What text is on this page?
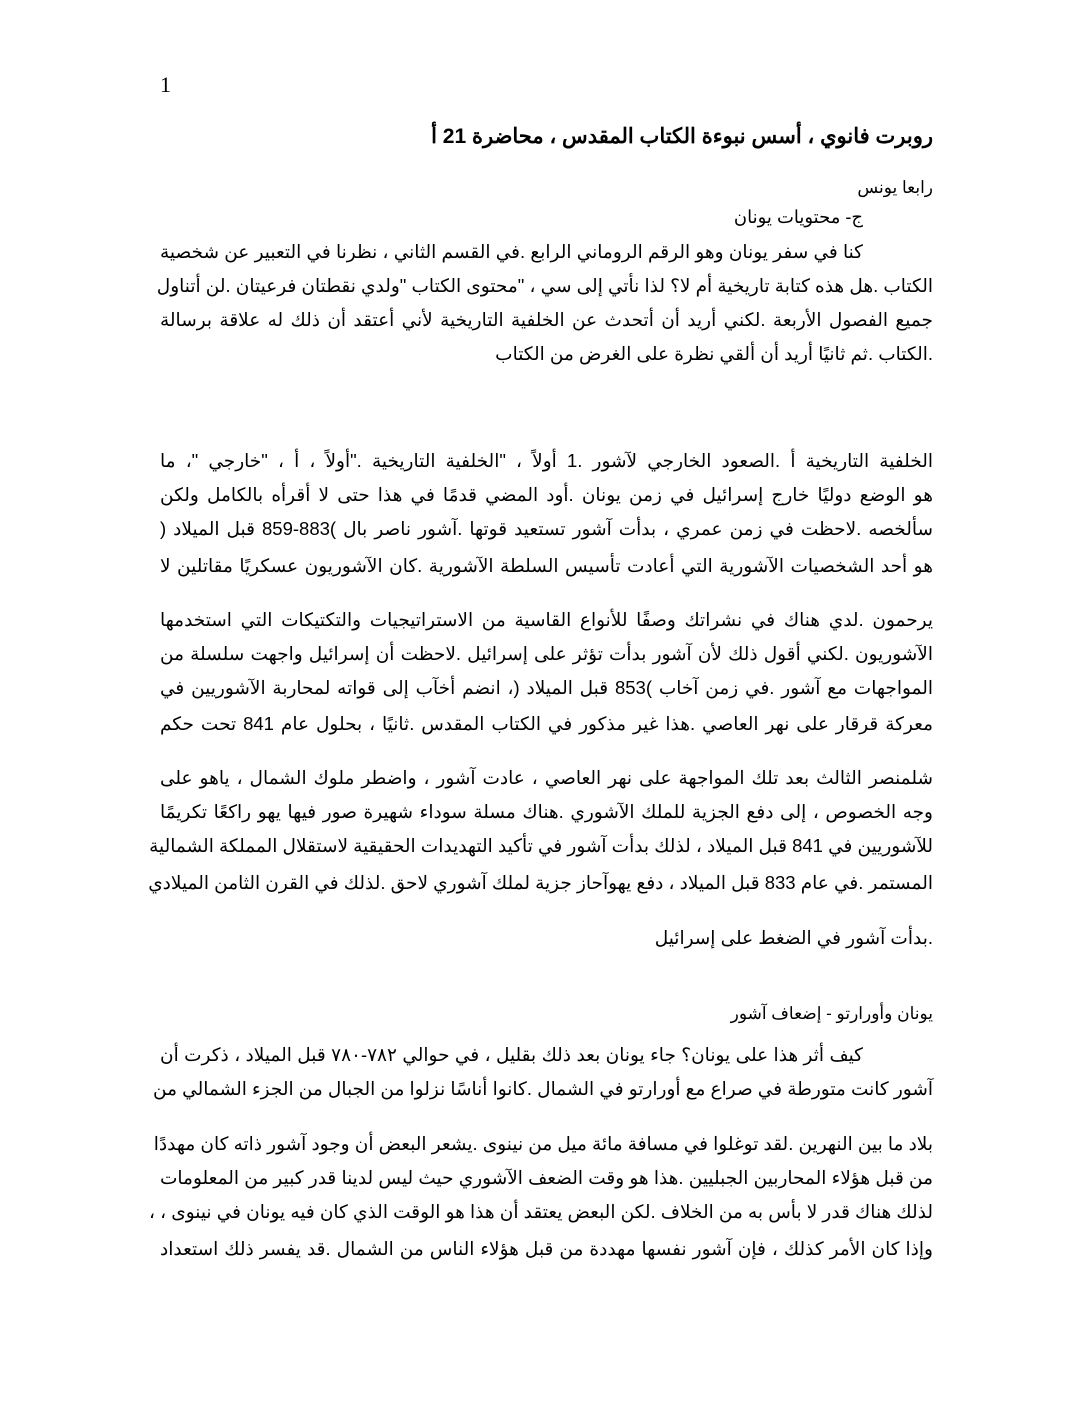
1
روبرت فانوي ، أسس نبوءة الكتاب المقدس ، محاضرة 21 أ
رابعا يونس
ج- محتويات يونان
كنا في سفر يونان وهو الرقم الروماني الرابع .في القسم الثاني ، نظرنا في التعبير عن شخصية
الكتاب .هل هذه كتابة تاريخية أم لا؟ لذا نأتي إلى سي ، "محتوى الكتاب "ولدي نقطتان فرعيتان .لن أتناول
جميع الفصول الأربعة .لكني أريد أن أتحدث عن الخلفية التاريخية لأني أعتقد أن ذلك له علاقة برسالة
.الكتاب .ثم ثانيًا أريد أن ألقي نظرة على الغرض من الكتاب
الخلفية التاريخية أ .الصعود الخارجي لآشور .1 أولاً ، "الخلفية التاريخية ."أولاً ، أ ، "خارجي "، ما
هو الوضع دوليًا خارج إسرائيل في زمن يونان .أود المضي قدمًا في هذا حتى لا أقرأه بالكامل ولكن
سألخصه .لاحظت في زمن عمري ، بدأت آشور تستعيد قوتها .آشور ناصر بال )883-859 قبل الميلاد (
هو أحد الشخصيات الآشورية التي أعادت تأسيس السلطة الآشورية .كان الآشوريون عسكريًا مقاتلين لا
يرحمون .لدي هناك في نشراتك وصفًا للأنواع القاسية من الاستراتيجيات والتكتيكات التي استخدمها
الآشوريون .لكني أقول ذلك لأن آشور بدأت تؤثر على إسرائيل .لاحظت أن إسرائيل واجهت سلسلة من
المواجهات مع آشور .في زمن آخاب )853 قبل الميلاد (، انضم أخآب إلى قواته لمحاربة الآشوريين في
معركة قرقار على نهر العاصي .هذا غير مذكور في الكتاب المقدس .ثانيًا ، بحلول عام 841 تحت حكم
شلمنصر الثالث بعد تلك المواجهة على نهر العاصي ، عادت آشور ، واضطر ملوك الشمال ، ياهو على
وجه الخصوص ، إلى دفع الجزية للملك الآشوري .هناك مسلة سوداء شهيرة صور فيها يهو راكعًا تكريمًا
للآشوريين في 841 قبل الميلاد ، لذلك بدأت آشور في تأكيد التهديدات الحقيقية لاستقلال المملكة الشمالية
المستمر .في عام 833 قبل الميلاد ، دفع يهوآحاز جزية لملك آشوري لاحق .لذلك في القرن الثامن الميلادي
.بدأت آشور في الضغط على إسرائيل
يونان وأورارتو - إضعاف آشور
كيف أثر هذا على يونان؟ جاء يونان بعد ذلك بقليل ، في حوالي ٧٨٢-٧٨٠ قبل الميلاد ، ذكرت أن
آشور كانت متورطة في صراع مع أورارتو في الشمال .كانوا أناسًا نزلوا من الجبال من الجزء الشمالي من
بلاد ما بين النهرين .لقد توغلوا في مسافة مائة ميل من نينوى .يشعر البعض أن وجود آشور ذاته كان مهددًا
من قبل هؤلاء المحاربين الجبليين .هذا هو وقت الضعف الآشوري حيث ليس لدينا قدر كبير من المعلومات
لذلك هناك قدر لا بأس به من الخلاف .لكن البعض يعتقد أن هذا هو الوقت الذي كان فيه يونان في نينوى ، ،
وإذا كان الأمر كذلك ، فإن آشور نفسها مهددة من قبل هؤلاء الناس من الشمال .قد يفسر ذلك استعداد
